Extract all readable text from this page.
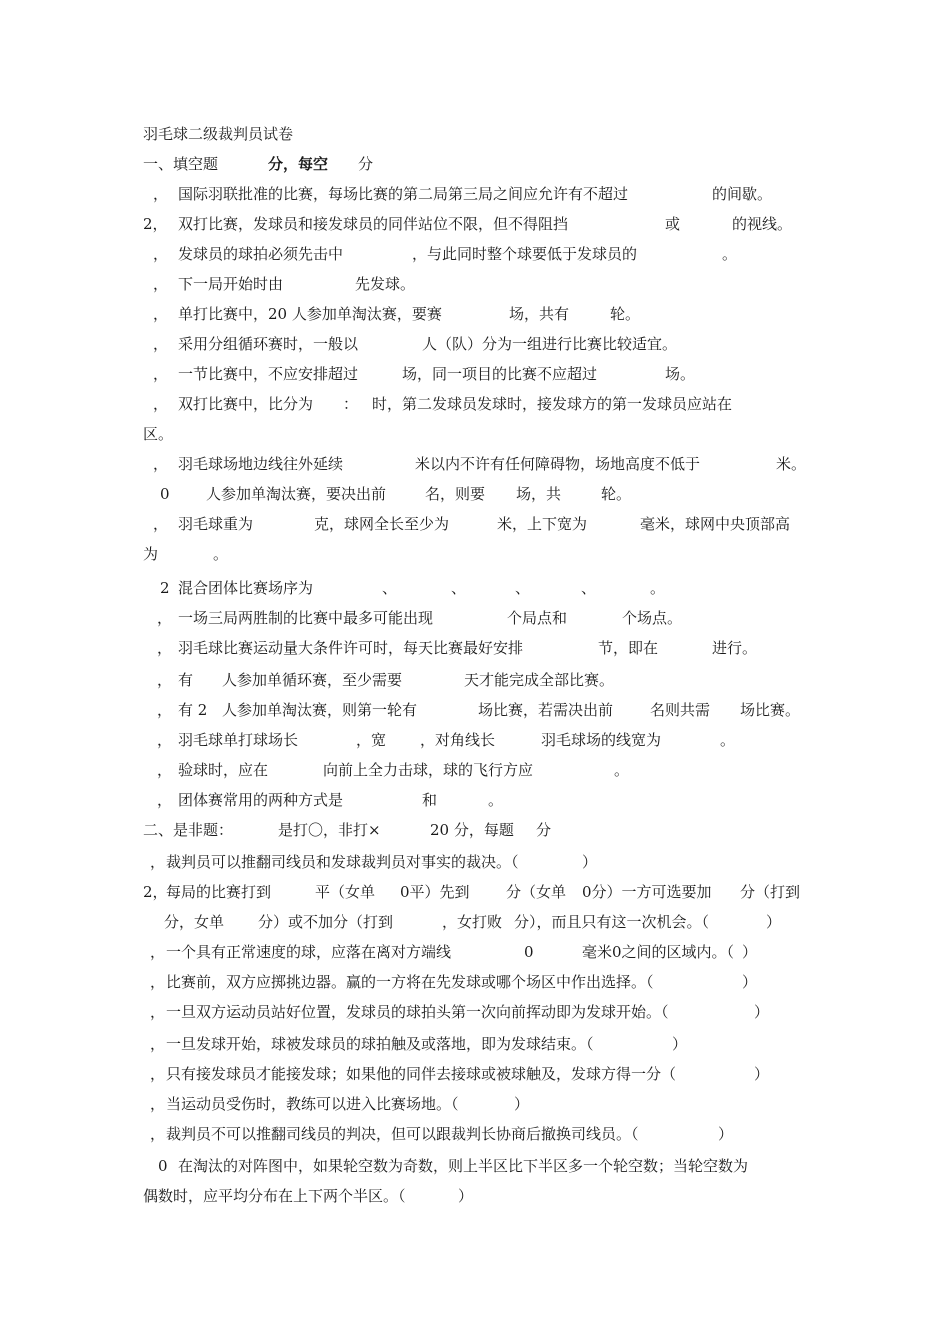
羽毛球二级裁判员试卷
一、填空题	分，每空 分
， 国际羽联批准的比赛，每场比赛的第二局第三局之间应允许有不超过	的间歇。
2， 双打比赛，发球员和接发球员的同伴站位不限，但不得阻挡	或	的视线。
， 发球员的球拍必须先击中	，与此同时整个球要低于发球员的	。
， 下一局开始时由	先发球。
， 单打比赛中，20 人参加单淘汰赛，要赛	场，共有	轮。
， 采用分组循环赛时，一般以	人（队）分为一组进行比赛比较适宜。
， 一节比赛中，不应安排超过	场，同一项目的比赛不应超过	场。
， 双打比赛中，比分为 ： 时，第二发球员发球时，接发球方的第一发球员应站在
区。
， 羽毛球场地边线往外延续	米以内不许有任何障碍物，场地高度不低于	米。
0 人参加单淘汰赛，要决出前	名，则要 场，共	轮。
， 羽毛球重为	克，球网全长至少为	米，上下宽为	毫米，球网中央顶部高
为	。
2 混合团体比赛场序为	、	、	、	、	。
， 一场三局两胜制的比赛中最多可能出现	个局点和	个场点。
， 羽毛球比赛运动量大条件许可时，每天比赛最好安排	节，即在	进行。
， 有 人参加单循环赛，至少需要	天才能完成全部比赛。
， 有 2 人参加单淘汰赛，则第一轮有	场比赛，若需决出前 名则共需 场比赛。
， 羽毛球单打球场长	，宽 ，对角线长	羽毛球场的线宽为	。
， 验球时，应在	向前上全力击球，球的飞行方应	。
， 团体赛常用的两种方式是	和	。
二、是非题：	是打〇，非打×	20 分，每题 分
， 裁判员可以推翻司线员和发球裁判员对事实的裁决。（	）
2，
每局的比赛打到	平（女单 0平）先到 分（女单 0分）一方可选要加 分（打到
分，女单 分）或不加分（打到	，女打败 分），而且只有这一次机会。（	）
， 一个具有正常速度的球，应落在离对方端线	0	毫米0之间的区域内。（ ）
， 比赛前，双方应掷挑边器。赢的一方将在先发球或哪个场区中作出选择。（	）
， 一旦双方运动员站好位置，发球员的球拍头第一次向前挥动即为发球开始。（	）
， 一旦发球开始，球被发球员的球拍触及或落地，即为发球结束。（	）
， 只有接发球员才能接发球；如果他的同伴去接球或被球触及，发球方得一分（	）
， 当运动员受伤时，教练可以进入比赛场地。（	）
， 裁判员不可以推翻司线员的判决，但可以跟裁判长协商后撤换司线员。（	）
0 在淘汰的对阵图中，如果轮空数为奇数，则上半区比下半区多一个轮空数；当轮空数为
偶数时，应平均分布在上下两个半区。（	）
